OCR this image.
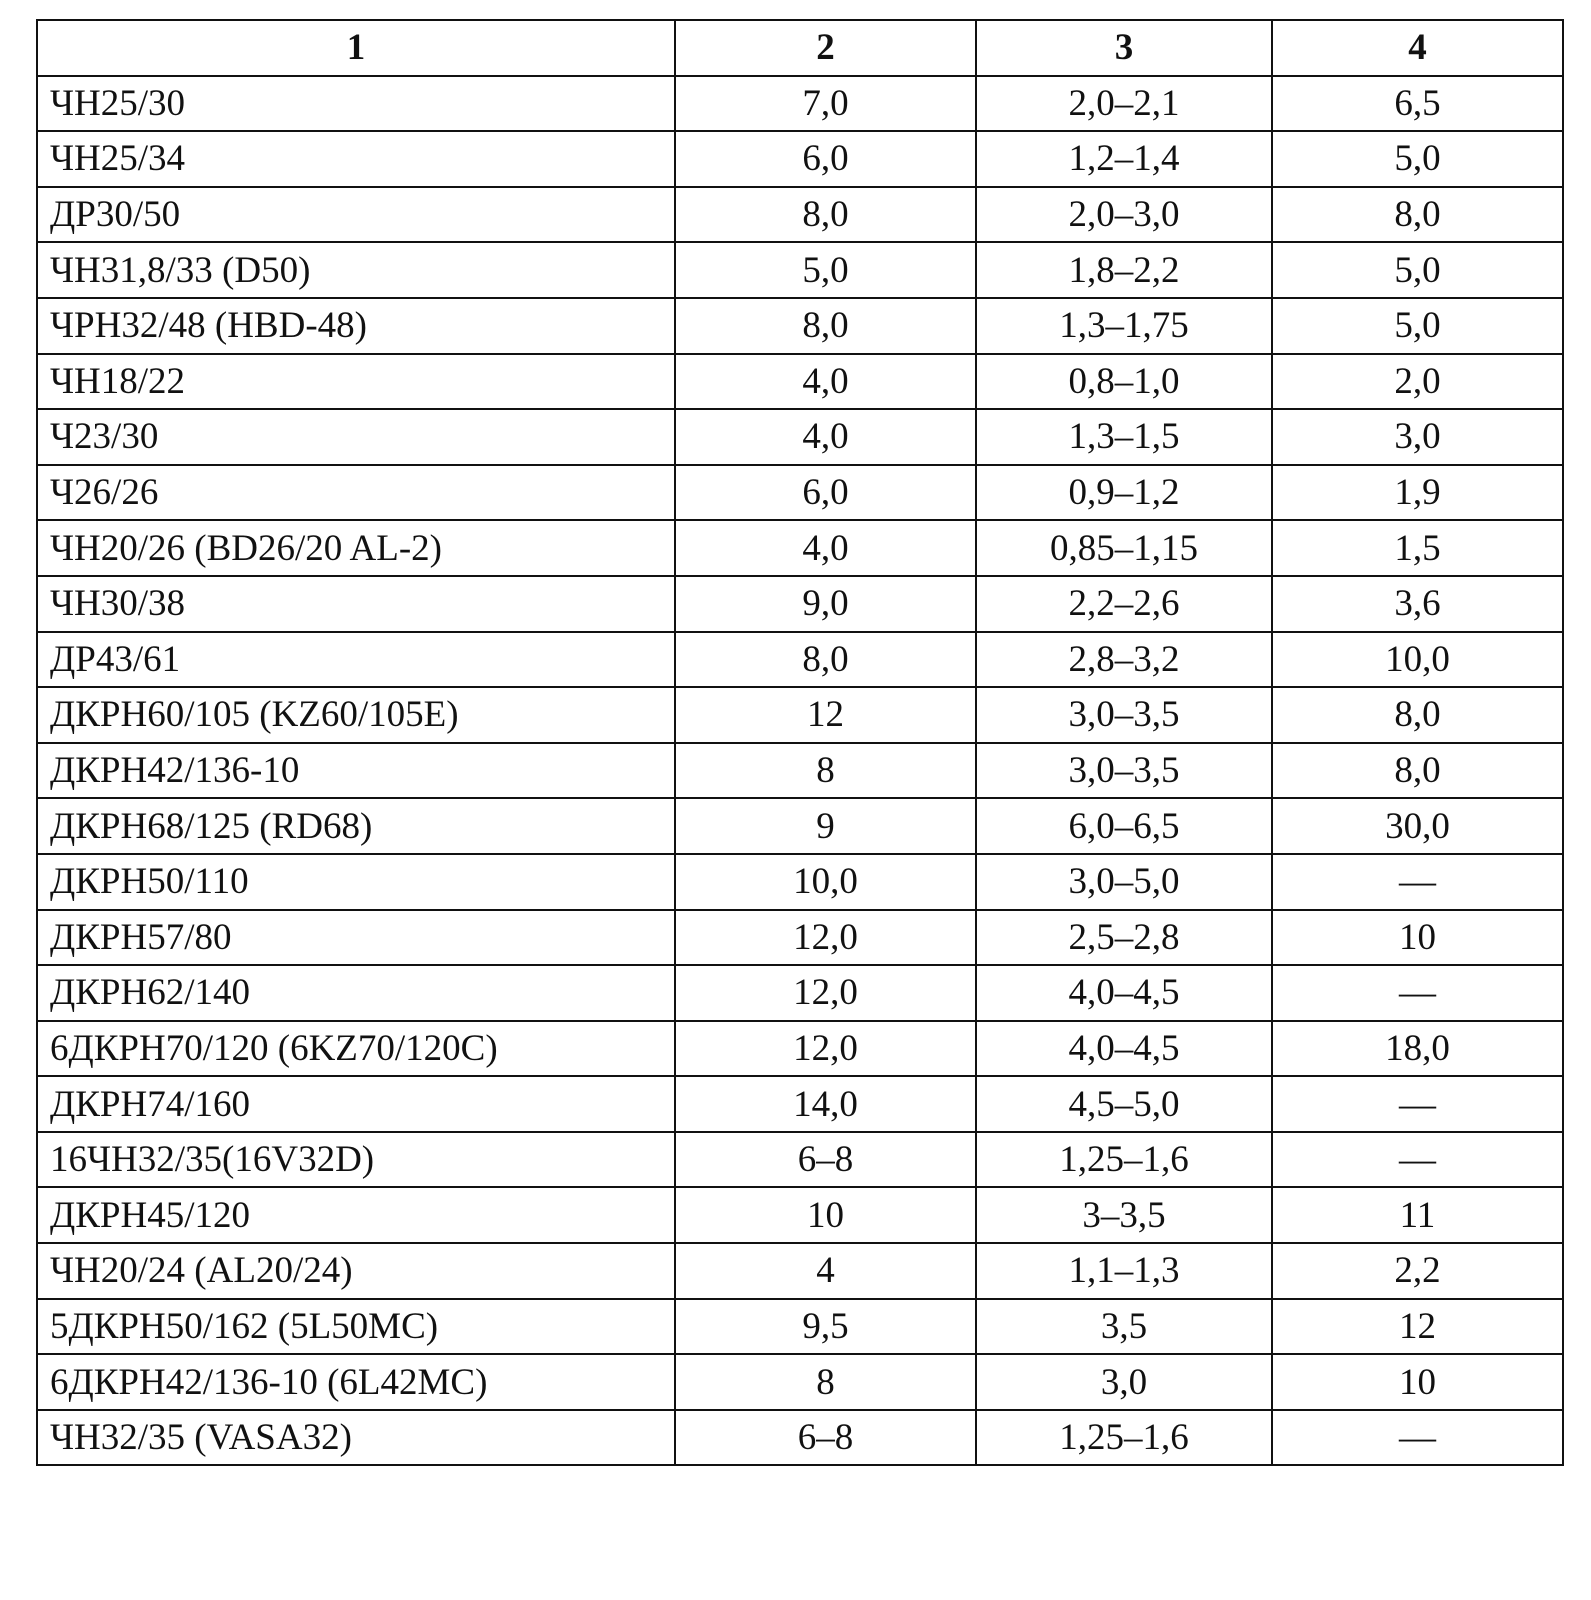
1	2	3	4
ЧН25/30	7,0	2,0–2,1	6,5
ЧН25/34	6,0	1,2–1,4	5,0
ДР30/50	8,0	2,0–3,0	8,0
ЧН31,8/33 (D50)	5,0	1,8–2,2	5,0
ЧРН32/48 (HBD-48)	8,0	1,3–1,75	5,0
ЧН18/22	4,0	0,8–1,0	2,0
Ч23/30	4,0	1,3–1,5	3,0
Ч26/26	6,0	0,9–1,2	1,9
ЧН20/26 (BD26/20 AL-2)	4,0	0,85–1,15	1,5
ЧН30/38	9,0	2,2–2,6	3,6
ДР43/61	8,0	2,8–3,2	10,0
ДКРН60/105 (KZ60/105E)	12	3,0–3,5	8,0
ДКРН42/136-10	8	3,0–3,5	8,0
ДКРН68/125 (RD68)	9	6,0–6,5	30,0
ДКРН50/110	10,0	3,0–5,0	—
ДКРН57/80	12,0	2,5–2,8	10
ДКРН62/140	12,0	4,0–4,5	—
6ДКРН70/120 (6KZ70/120C)	12,0	4,0–4,5	18,0
ДКРН74/160	14,0	4,5–5,0	—
16ЧН32/35(16V32D)	6–8	1,25–1,6	—
ДКРН45/120	10	3–3,5	11
ЧН20/24 (AL20/24)	4	1,1–1,3	2,2
5ДКРН50/162 (5L50MC)	9,5	3,5	12
6ДКРН42/136-10 (6L42MC)	8	3,0	10
ЧН32/35 (VASA32)	6–8	1,25–1,6	—
